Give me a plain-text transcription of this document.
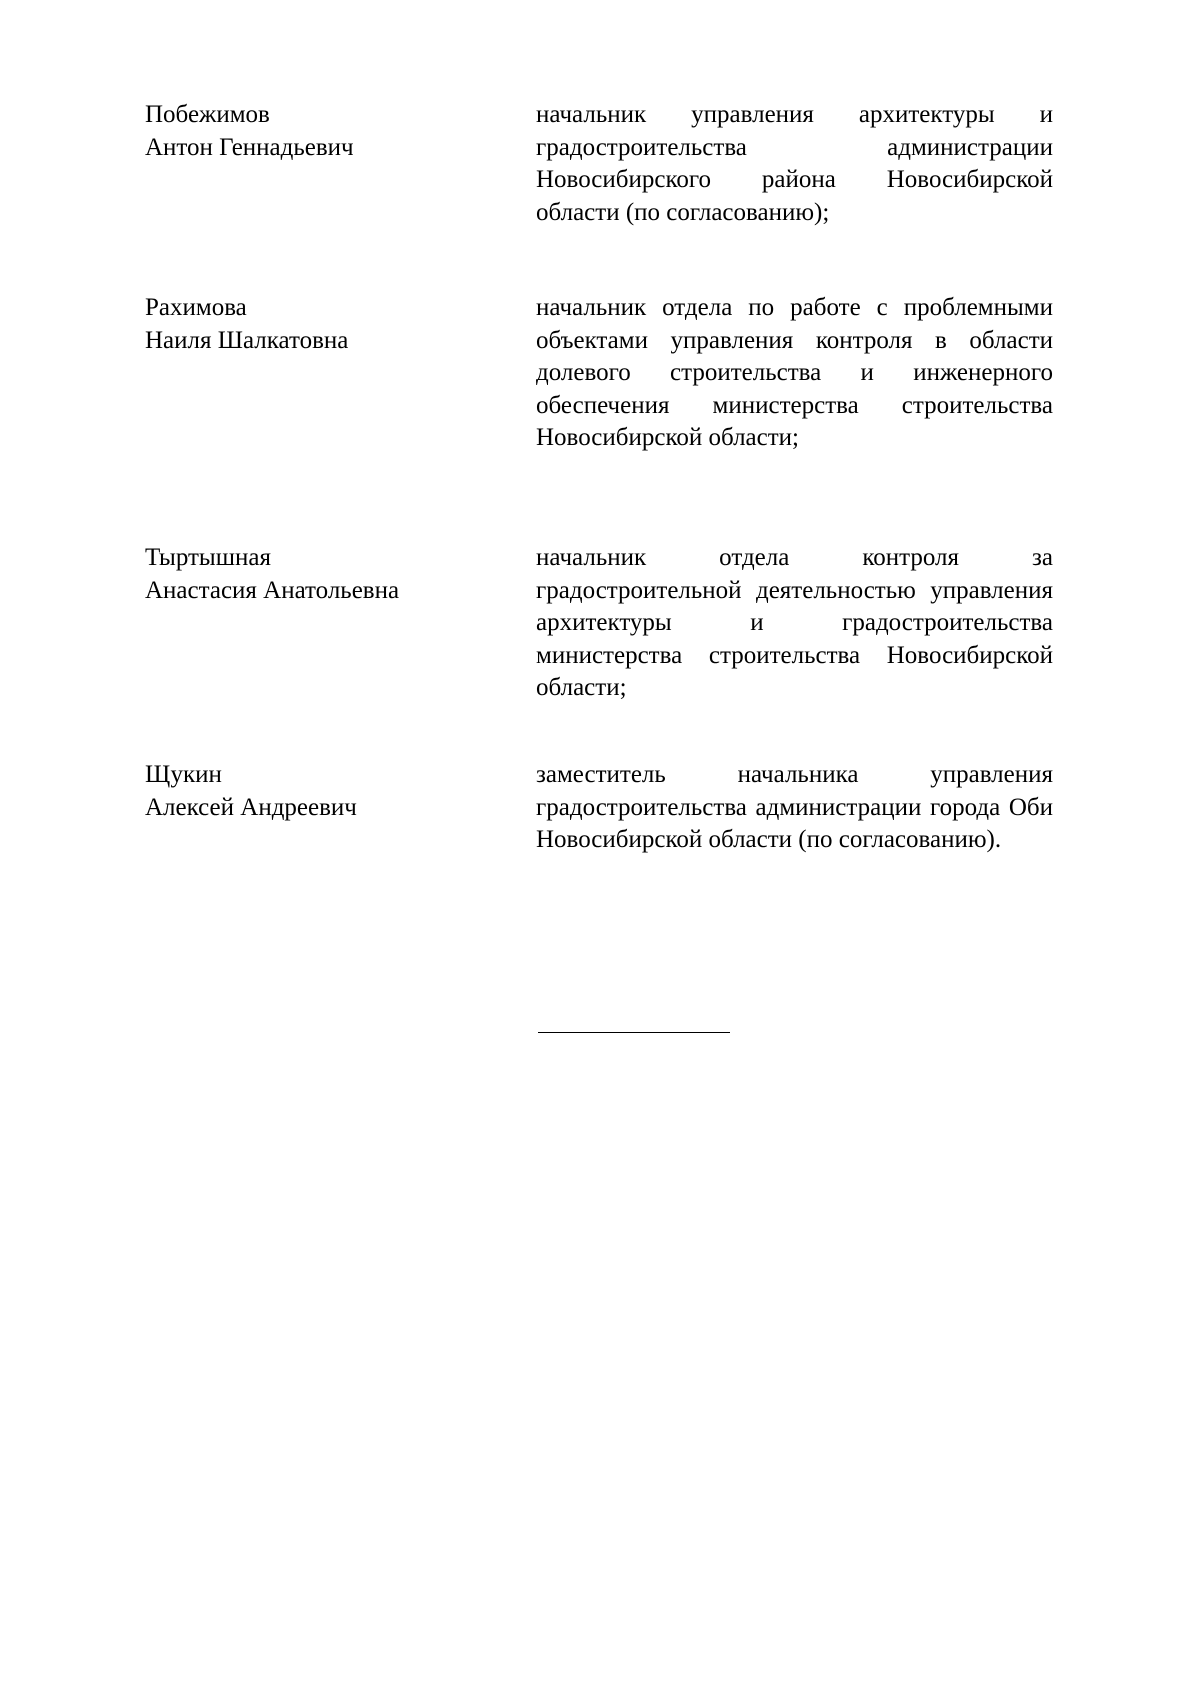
Побежимов
Антон Геннадьевич
начальник управления архитектуры и градостроительства администрации Новосибирского района Новосибирской области (по согласованию);
Рахимова
Наиля Шалкатовна
начальник отдела по работе с проблемными объектами управления контроля в области долевого строительства и инженерного обеспечения министерства строительства Новосибирской области;
Тыртышная
Анастасия Анатольевна
начальник отдела контроля за градостроительной деятельностью управления архитектуры и градостроительства министерства строительства Новосибирской области;
Щукин
Алексей Андреевич
заместитель начальника управления градостроительства администрации города Оби Новосибирской области (по согласованию).
